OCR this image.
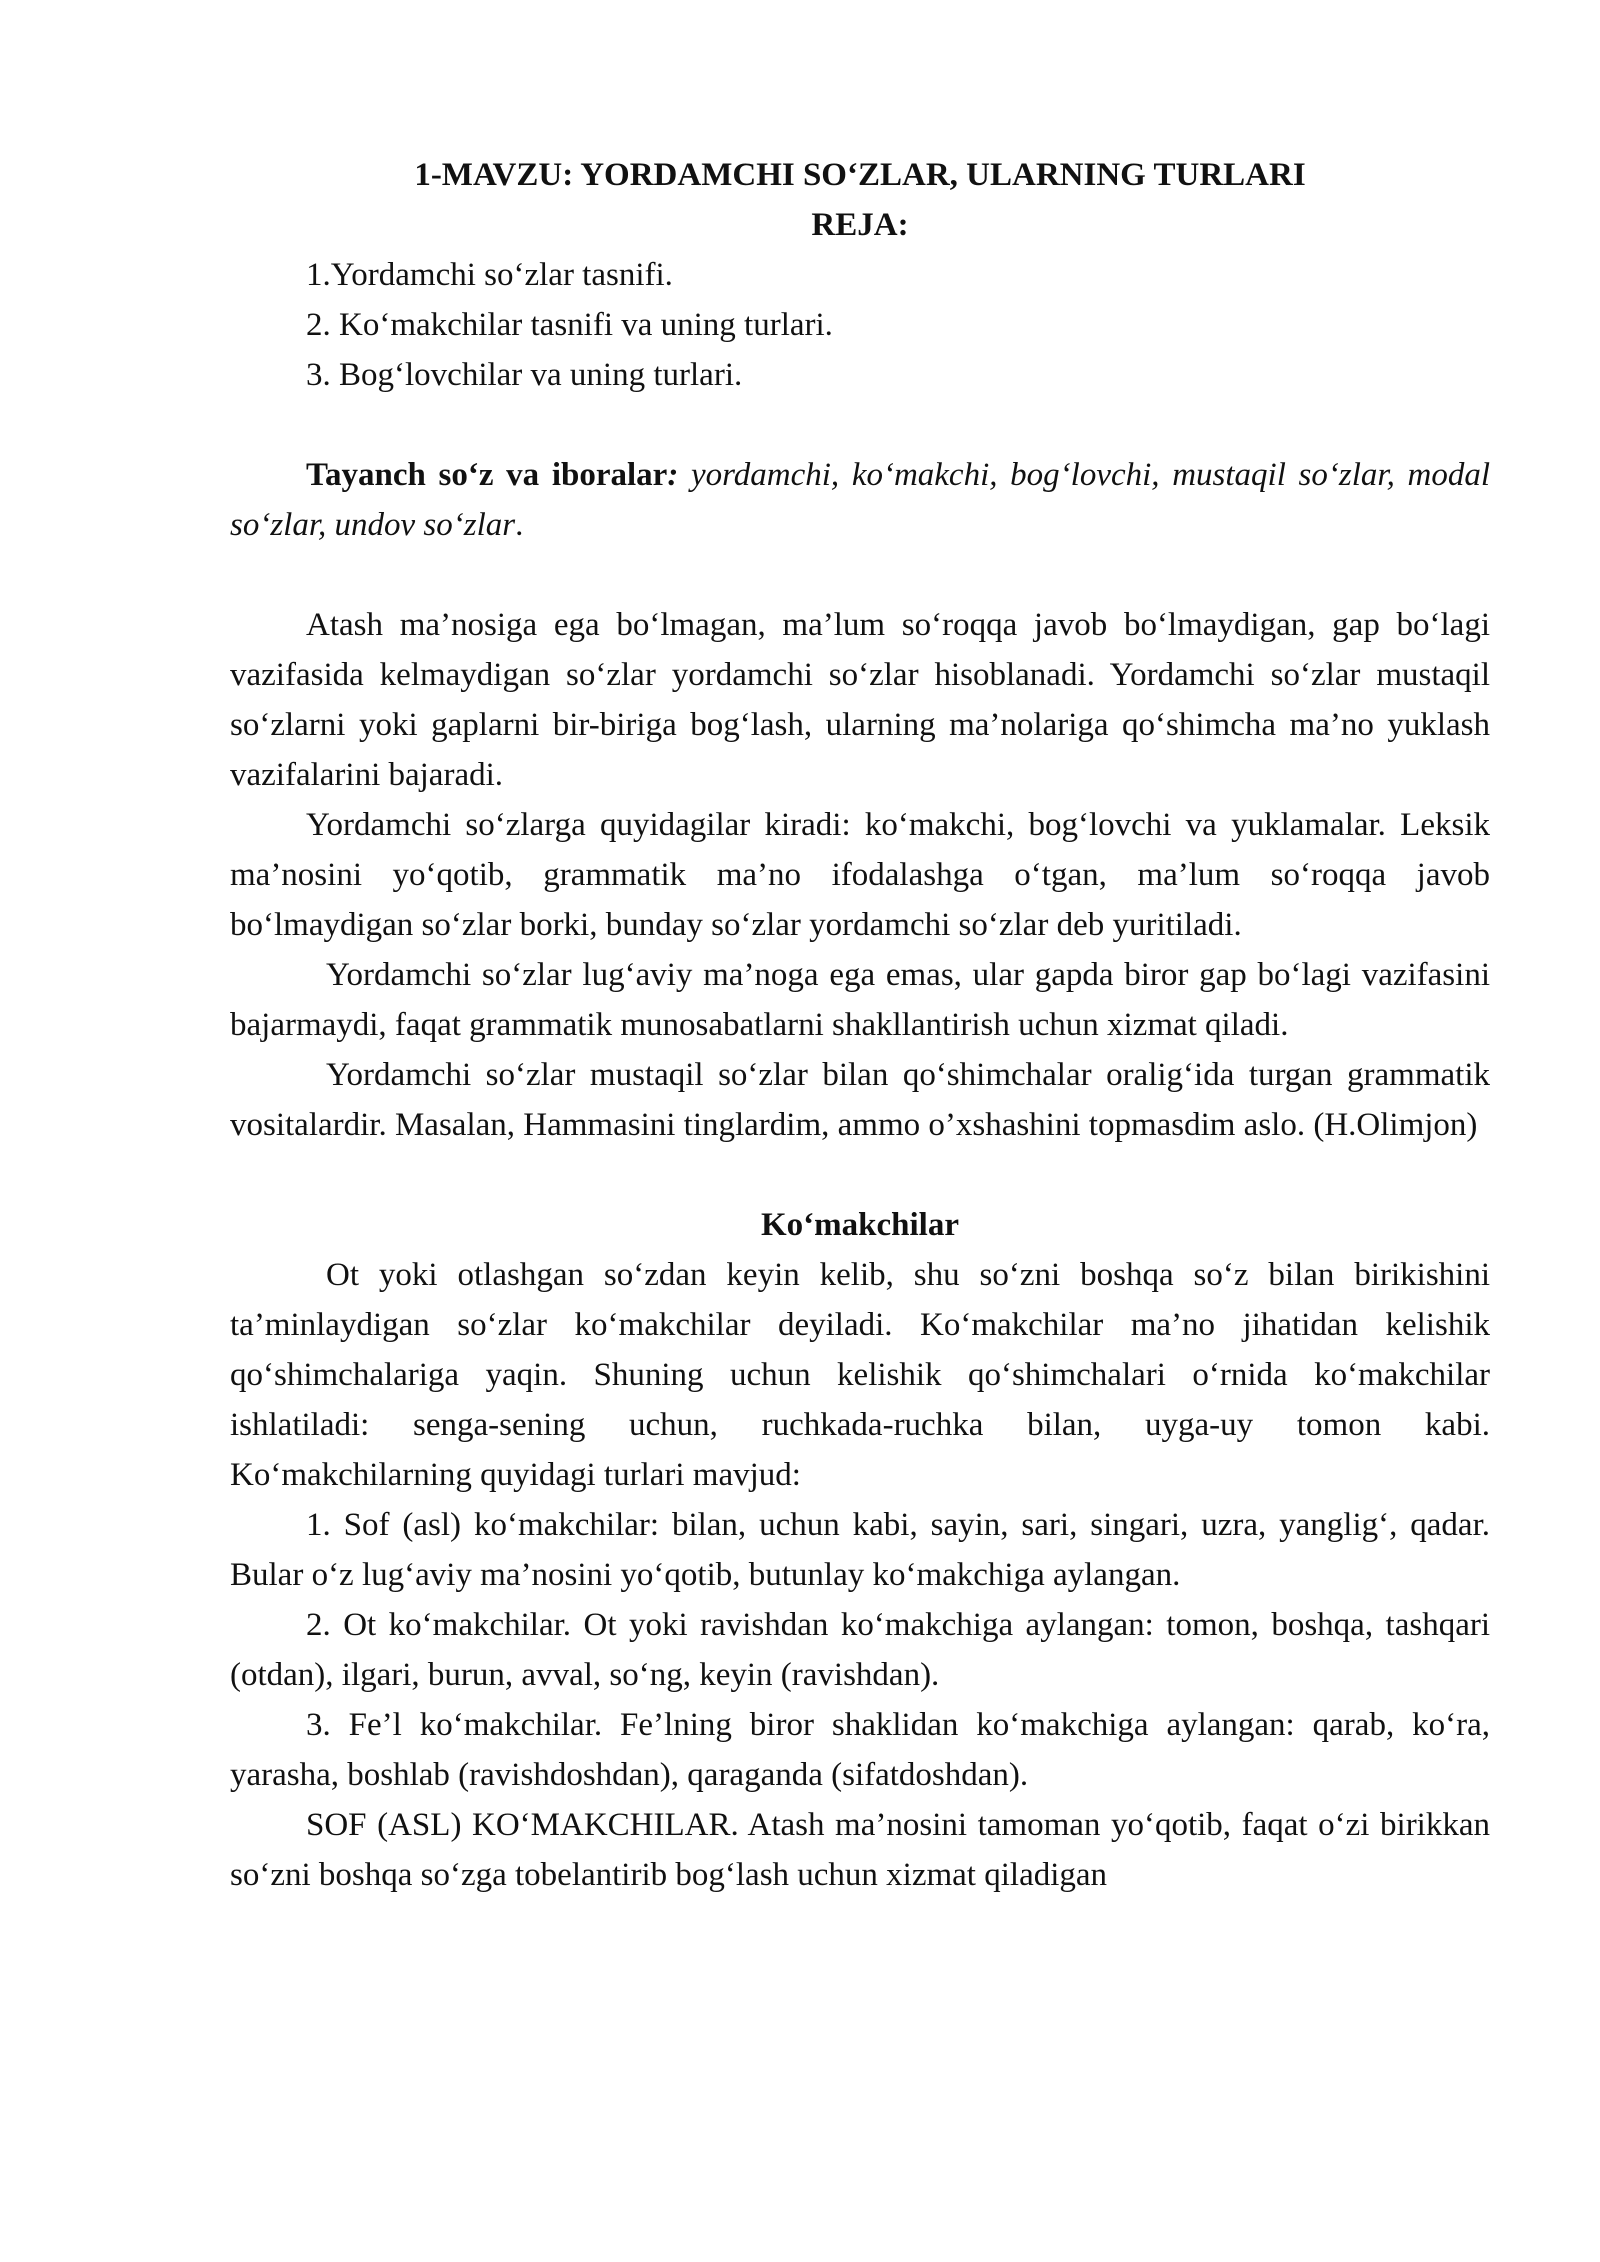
1-MAVZU: YORDAMCHI SO‘ZLAR, ULARNING TURLARI

REJA:

1.Yordamchi so‘zlar tasnifi.

2. Ko‘makchilar tasnifi va uning turlari.

3. Bog‘lovchilar va uning turlari.

Tayanch so‘z va iboralar: yordamchi, ko‘makchi, bog‘lovchi, mustaqil so‘zlar, modal so‘zlar, undov so‘zlar.

Atash ma’nosiga ega bo‘lmagan, ma’lum so‘roqqa javob bo‘lmaydigan, gap bo‘lagi vazifasida kelmaydigan so‘zlar yordamchi so‘zlar hisoblanadi. Yordamchi so‘zlar mustaqil so‘zlarni yoki gaplarni bir-biriga bog‘lash, ularning ma’nolariga qo‘shimcha ma’no yuklash vazifalarini bajaradi.

Yordamchi so‘zlarga quyidagilar kiradi: ko‘makchi, bog‘lovchi va yuklamalar. Leksik ma’nosini yo‘qotib, grammatik ma’no ifodalashga o‘tgan, ma’lum so‘roqqa javob bo‘lmaydigan so‘zlar borki, bunday so‘zlar yordamchi so‘zlar deb yuritiladi.

Yordamchi so‘zlar lug‘aviy ma’noga ega emas, ular gapda biror gap bo‘lagi vazifasini bajarmaydi, faqat grammatik munosabatlarni shakllantirish uchun xizmat qiladi.

Yordamchi so‘zlar mustaqil so‘zlar bilan qo‘shimchalar oralig‘ida turgan grammatik vositalardir. Masalan, Hammasini tinglardim, ammo o’xshashini topmasdim aslo. (H.Olimjon)

Ko‘makchilar

Ot yoki otlashgan so‘zdan keyin kelib, shu so‘zni boshqa so‘z bilan birikishini ta’minlaydigan so‘zlar ko‘makchilar deyiladi. Ko‘makchilar ma’no jihatidan kelishik qo‘shimchalariga yaqin. Shuning uchun kelishik qo‘shimchalari o‘rnida ko‘makchilar ishlatiladi: senga-sening uchun, ruchkada-ruchka bilan, uyga-uy tomon kabi. Ko‘makchilarning quyidagi turlari mavjud:

1. Sof (asl) ko‘makchilar: bilan, uchun kabi, sayin, sari, singari, uzra, yanglig‘, qadar. Bular o‘z lug‘aviy ma’nosini yo‘qotib, butunlay ko‘makchiga aylangan.

2. Ot ko‘makchilar. Ot yoki ravishdan ko‘makchiga aylangan: tomon, boshqa, tashqari (otdan), ilgari, burun, avval, so‘ng, keyin (ravishdan).

3. Fe’l ko‘makchilar. Fe’lning biror shaklidan ko‘makchiga aylangan: qarab, ko‘ra, yarasha, boshlab (ravishdoshdan), qaraganda (sifatdoshdan).

SOF (ASL) KO‘MAKCHILAR. Atash ma’nosini tamoman yo‘qotib, faqat o‘zi birikkan so‘zni boshqa so‘zga tobelantirib bog‘lash uchun xizmat qiladigan
